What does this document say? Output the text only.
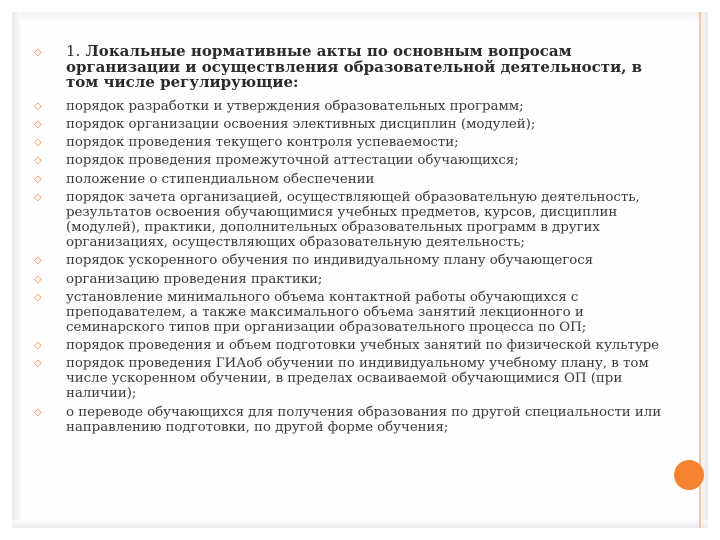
◇ 1. Локальные нормативные акты по основным вопросам организации и осуществления образовательной деятельности, в том числе регулирующие:
◇ порядок разработки и утверждения образовательных программ;
◇ порядок организации освоения элективных дисциплин (модулей);
◇ порядок проведения текущего контроля успеваемости;
◇ порядок проведения промежуточной аттестации обучающихся;
◇ положение о стипендиальном обеспечении
◇ порядок зачета организацией, осуществляющей образовательную деятельность, результатов освоения обучающимися учебных предметов, курсов, дисциплин (модулей), практики, дополнительных образовательных программ в других организациях, осуществляющих образовательную деятельность;
◇ порядок ускоренного обучения по индивидуальному плану обучающегося
◇ организацию проведения практики;
◇ установление минимального объема контактной работы обучающихся с преподавателем, а также максимального объема занятий лекционного и семинарского типов при организации образовательного процесса по ОП;
◇ порядок проведения и объем подготовки учебных занятий по физической культуре
◇ порядок проведения ГИАоб обучении по индивидуальному учебному плану, в том числе ускоренном обучении, в пределах осваиваемой обучающимися ОП (при наличии);
◇ о переводе обучающихся для получения образования по другой специальности или направлению подготовки, по другой форме обучения;
